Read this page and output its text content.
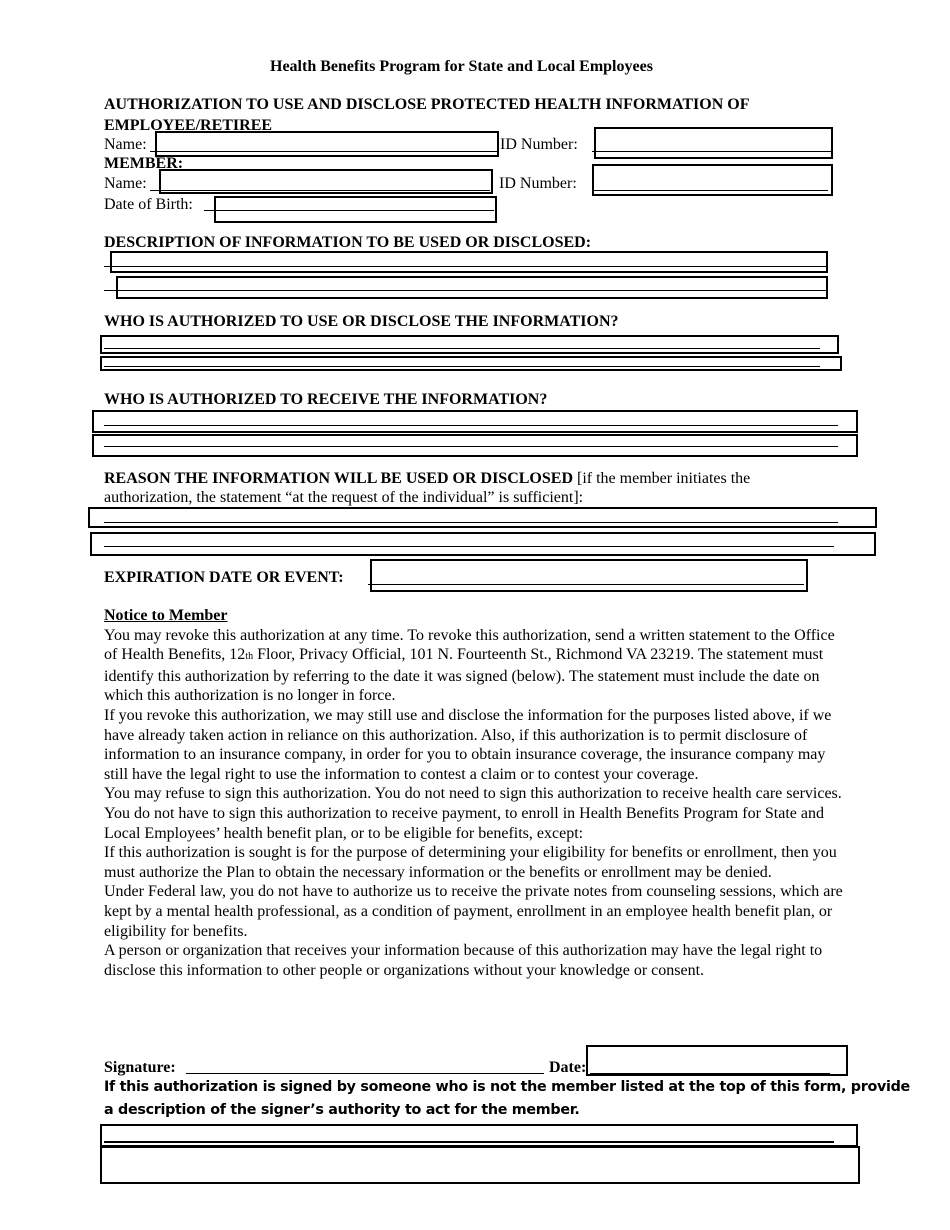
Health Benefits Program for State and Local Employees
AUTHORIZATION TO USE AND DISCLOSE PROTECTED HEALTH INFORMATION OF
EMPLOYEE/RETIREE
Name:	ID Number:
MEMBER:
Name:	ID Number:
Date of Birth:
DESCRIPTION OF INFORMATION TO BE USED OR DISCLOSED:
WHO IS AUTHORIZED TO USE OR DISCLOSE THE INFORMATION?
WHO IS AUTHORIZED TO RECEIVE THE INFORMATION?
REASON THE INFORMATION WILL BE USED OR DISCLOSED [if the member initiates the
authorization, the statement “at the request of the individual” is sufficient]:
EXPIRATION DATE OR EVENT:

Notice to Member

You may revoke this authorization at any time. To revoke this authorization, send a written statement to the Office of Health Benefits, 12th Floor, Privacy Official, 101 N. Fourteenth St., Richmond VA 23219. The statement must identify this authorization by referring to the date it was signed (below). The statement must include the date on which this authorization is no longer in force.

If you revoke this authorization, we may still use and disclose the information for the purposes listed above, if we have already taken action in reliance on this authorization. Also, if this authorization is to permit disclosure of information to an insurance company, in order for you to obtain insurance coverage, the insurance company may still have the legal right to use the information to contest a claim or to contest your coverage.

You may refuse to sign this authorization. You do not need to sign this authorization to receive health care services.

You do not have to sign this authorization to receive payment, to enroll in Health Benefits Program for State and Local Employees’ health benefit plan, or to be eligible for benefits, except:

If this authorization is sought is for the purpose of determining your eligibility for benefits or enrollment, then you must authorize the Plan to obtain the necessary information or the benefits or enrollment may be denied.

Under Federal law, you do not have to authorize us to receive the private notes from counseling sessions, which are kept by a mental health professional, as a condition of payment, enrollment in an employee health benefit plan, or eligibility for benefits.

A person or organization that receives your information because of this authorization may have the legal right to disclose this information to other people or organizations without your knowledge or consent.

Signature:	Date:
If this authorization is signed by someone who is not the member listed at the top of this form, provide
a description of the signer’s authority to act for the member.
